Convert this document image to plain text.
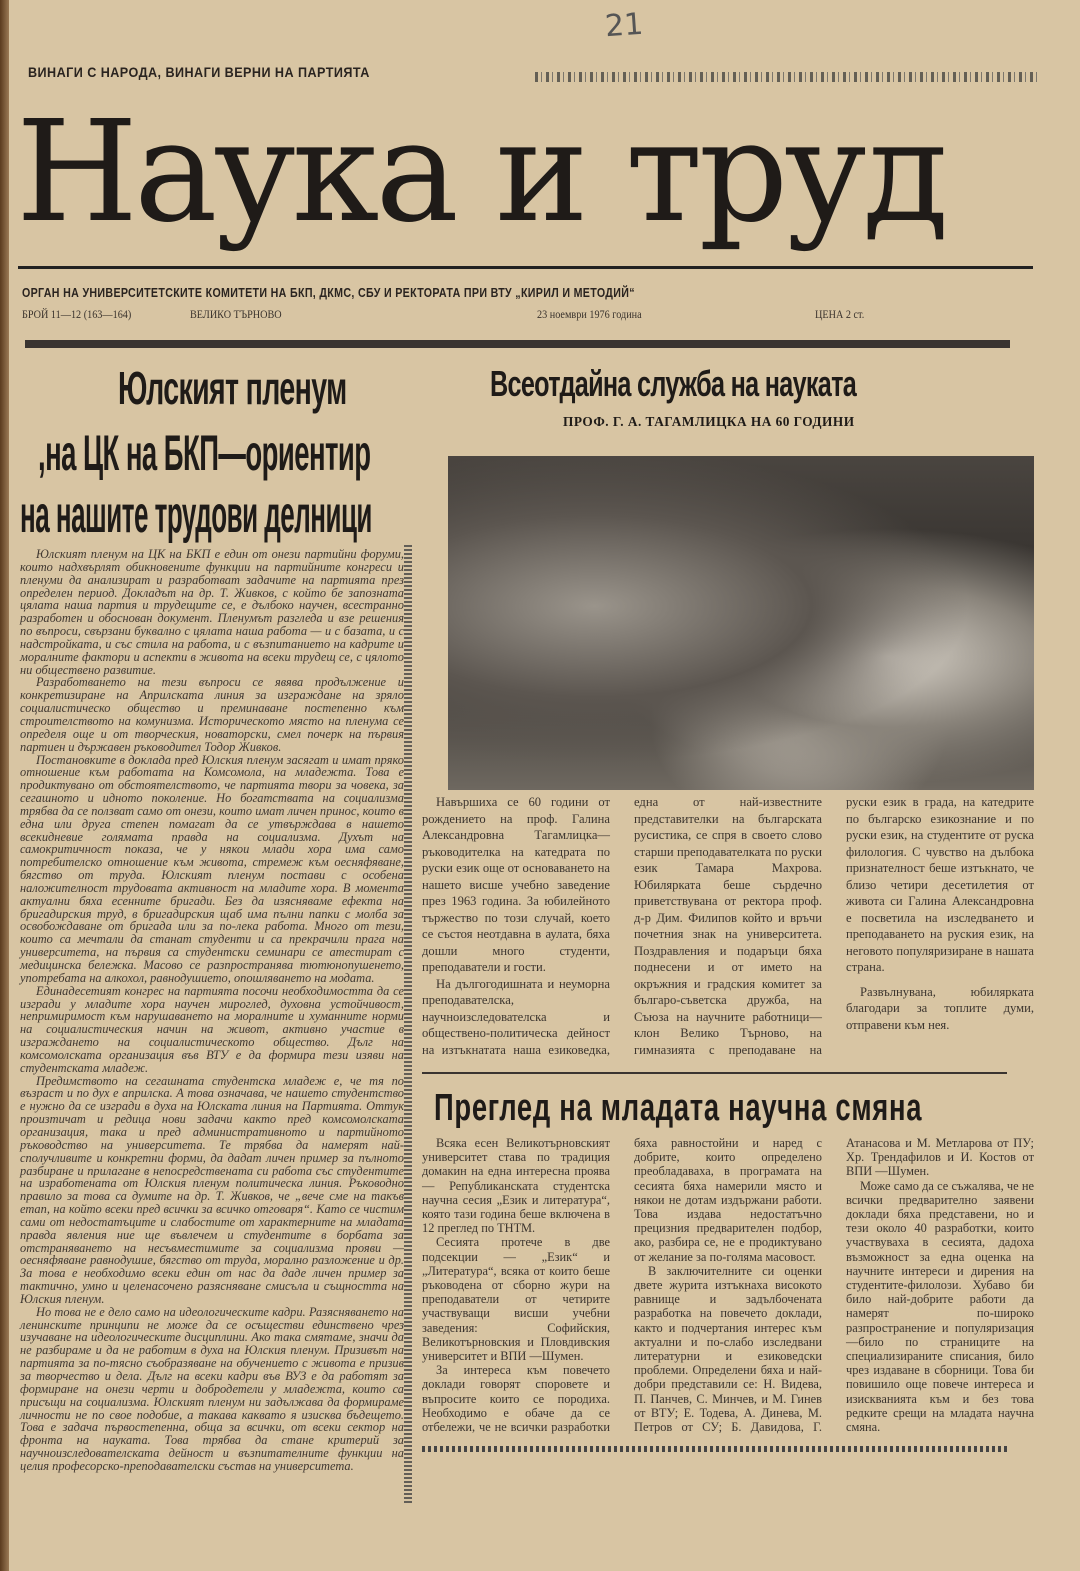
21
ВИНАГИ С НАРОДА, ВИНАГИ ВЕРНИ НА ПАРТИЯТА
Наука и труд
ОРГАН НА УНИВЕРСИТЕТСКИТЕ КОМИТЕТИ НА БКП, ДКМС, СБУ И РЕКТОРАТА ПРИ ВТУ „КИРИЛ И МЕТОДИЙ“
БРОЙ 11—12 (163—164)	ВЕЛИКО ТЪРНОВО	23 ноември 1976 година	ЦЕНА 2 ст.
Юлският пленум
,на ЦК на БКП—ориентир
на нашите трудови делници

Юлският пленум на ЦК на БКП е един от онези партийни форуми, които надхвърлят обикновените функции на партийните конгреси и пленуми да анализират и разработват задачите на партията през определен период. Докладът на др. Т. Живков, с който бе запозната цялата наша партия и трудещите се, е дълбоко научен, всестранно разработен и обоснован документ. Пленумът разгледа и взе решения по въпроси, свързани буквално с цялата наша работа — и с базата, и с надстройката, и със стила на работа, и с възпитанието на кадрите и моралните фактори и аспекти в живота на всеки трудещ се, с цялото ни обществено развитие.

Разработването на тези въпроси се явява продължение и конкретизиране на Априлската линия за изграждане на зряло социалистическо общество и преминаване постепенно към строителството на комунизма. Историческото място на пленума се определя още и от творческия, новаторски, смел почерк на първия партиен и държавен ръководител Тодор Живков.

Постановките в доклада пред Юлския пленум засягат и имат пряко отношение към работата на Комсомола, на младежта. Това е продиктувано от обстоятелството, че партията твори за човека, за сегашното и идното поколение. Но богатствата на социализма трябва да се ползват само от онези, които имат личен принос, които в една или друга степен помагат да се утвърждава в нашето всекидневие голямата правда на социализма. Духът на самокритичност показа, че у някои млади хора има само потребителско отношение към живота, стремеж към оесняфяване, бягство от труда. Юлският пленум постави с особена наложителност трудовата активност на младите хора. В момента актуални бяха есенните бригади. Без да изясняваме ефекта на бригадирския труд, в бригадирския щаб има пълни папки с молба за освобождаване от бригада или за по-лека работа. Много от тези, които са мечтали да станат студенти и са прекрачили прага на университета, на първия са студентски семинари се атестират с медицинска бележка. Масово се разпространява тютюнопушенето, употребата на алкохол, равнодушието, опошляването на модата.

Единадесетият конгрес на партията посочи необходимостта да се изгради у младите хора научен мироглед, духовна устойчивост, непримиримост към нарушаването на моралните и хуманните норми на социалистическия начин на живот, активно участие в изграждането на социалистическото общество. Дълг на комсомолската организация във ВТУ е да формира тези изяви на студентската младеж.

Предимството на сегашната студентска младеж е, че тя по възраст и по дух е априлска. А това означава, че нашето студентство е нужно да се изгради в духа на Юлската линия на Партията. Оттук произтичат и редица нови задачи както пред комсомолската организация, така и пред административното и партийното ръководство на университета. Те трябва да намерят най-сполучливите и конкретни форми, да дадат личен пример за пълното разбиране и прилагане в непосредствената си работа със студентите на изработената от Юлския пленум политическа линия. Ръководно правило за това са думите на др. Т. Живков, че „вече сме на такъв етап, на който всеки пред всички за всичко отговаря“. Като се чистим сами от недостатъците и слабостите от характерните на младата правда явления ние ще въвлечем и студентите в борбата за отстраняването на несъвместимите за социализма прояви — оесняфяване равнодушие, бягство от труда, морално разложение и др. За това е необходимо всеки един от нас да даде личен пример за тактично, умно и целенасочено разясняване смисъла и същността на Юлския пленум.

Но това не е дело само на идеологическите кадри. Разясняването на ленинските принципи не може да се осъществи единствено чрез изучаване на идеологическите дисциплини. Ако така смятаме, значи да не разбираме и да не работим в духа на Юлския пленум. Призивът на партията за по-тясно съобразяване на обучението с живота е призив за творчество и дела. Дълг на всеки кадри във ВУЗ е да работят за формиране на онези черти и добродетели у младежта, които са присъщи на социализма. Юлският пленум ни задължава да формираме личности не по свое подобие, а такава каквато я изисква бъдещето. Това е задача първостепенна, обща за всички, от всеки сектор на фронта на науката. Това трябва да стане критерий за научноизследователската дейност и възпитателните функции на целия професорско-преподавателски състав на университета.

Всеотдайна служба на науката
ПРОФ. Г. А. ТАГАМЛИЦКА НА 60 ГОДИНИ

Навършиха се 60 години от рождението на проф. Галина Александровна Тагамлицка—ръководителка на катедрата по руски език още от основаването на нашето висше учебно заведение през 1963 година. За юбилейното тържество по този случай, което се състоя неотдавна в аулата, бяха дошли много студенти, преподаватели и гости.

На дългогодишната и неуморна преподавателска, научноизследователска и обществено-политическа дейност на изтъкнатата наша езиковедка, една от най-известните представителки на българската русистика, се спря в своето слово старши преподавателката по руски език Тамара Махрова. Юбилярката беше сърдечно приветствувана от ректора проф. д-р Дим. Филипов който и връчи почетния знак на университета. Поздравления и подаръци бяха поднесени и от името на окръжния и градския комитет за българо-съветска дружба, на Съюза на научните работници—клон Велико Търново, на гимназията с преподаване на руски език в града, на катедрите по българско езикознание и по руски език, на студентите от руска филология. С чувство на дълбока признателност беше изтъкнато, че близо четири десетилетия от живота си Галина Александровна е посветила на изследването и преподаването на руския език, на неговото популяризиране в нашата страна.

Развълнувана, юбилярката благодари за топлите думи, отправени към нея.

Преглед на младата научна смяна

Всяка есен Великотърновският университет става по традиция домакин на една интересна проява — Републиканската студентска научна сесия „Език и литература“, която тази година беше включена в 12 преглед по ТНТМ.

Сесията протече в две подсекции — „Език“ и „Литература“, всяка от които беше ръководена от сборно жури на преподаватели от четирите участвуващи висши учебни заведения: Софийския, Великотърновския и Пловдивския университет и ВПИ —Шумен.

За интереса към повечето доклади говорят споровете и въпросите които се породиха. Необходимо е обаче да се отбележи, че не всички разработки бяха равностойни и наред с добрите, които определено преобладаваха, в програмата на сесията бяха намерили място и някои не дотам издържани работи. Това издава недостатъчно прецизния предварителен подбор, ако, разбира се, не е продиктувано от желание за по-голяма масовост.

В заключителните си оценки двете журита изтъкнаха високото равнище и задълбочената разработка на повечето доклади, както и подчертания интерес към актуални и по-слабо изследвани литературни и езиковедски проблеми. Определени бяха и най-добри представили се: Н. Видева, П. Панчев, С. Минчев, и М. Гинев от ВТУ; Е. Тодева, А. Динева, М. Петров от СУ; Б. Давидова, Г. Атанасова и М. Метларова от ПУ; Хр. Трендафилов и И. Костов от ВПИ —Шумен.

Може само да се съжалява, че не всички предварително заявени доклади бяха представени, но и тези около 40 разработки, които участвуваха в сесията, дадоха възможност за една оценка на научните интереси и дирения на студентите-филолози. Хубаво би било най-добрите работи да намерят по-широко разпространение и популяризация —било по страниците на специализираните списания, било чрез издаване в сборници. Това би повишило още повече интереса и изискванията към и без това редките срещи на младата научна смяна.
